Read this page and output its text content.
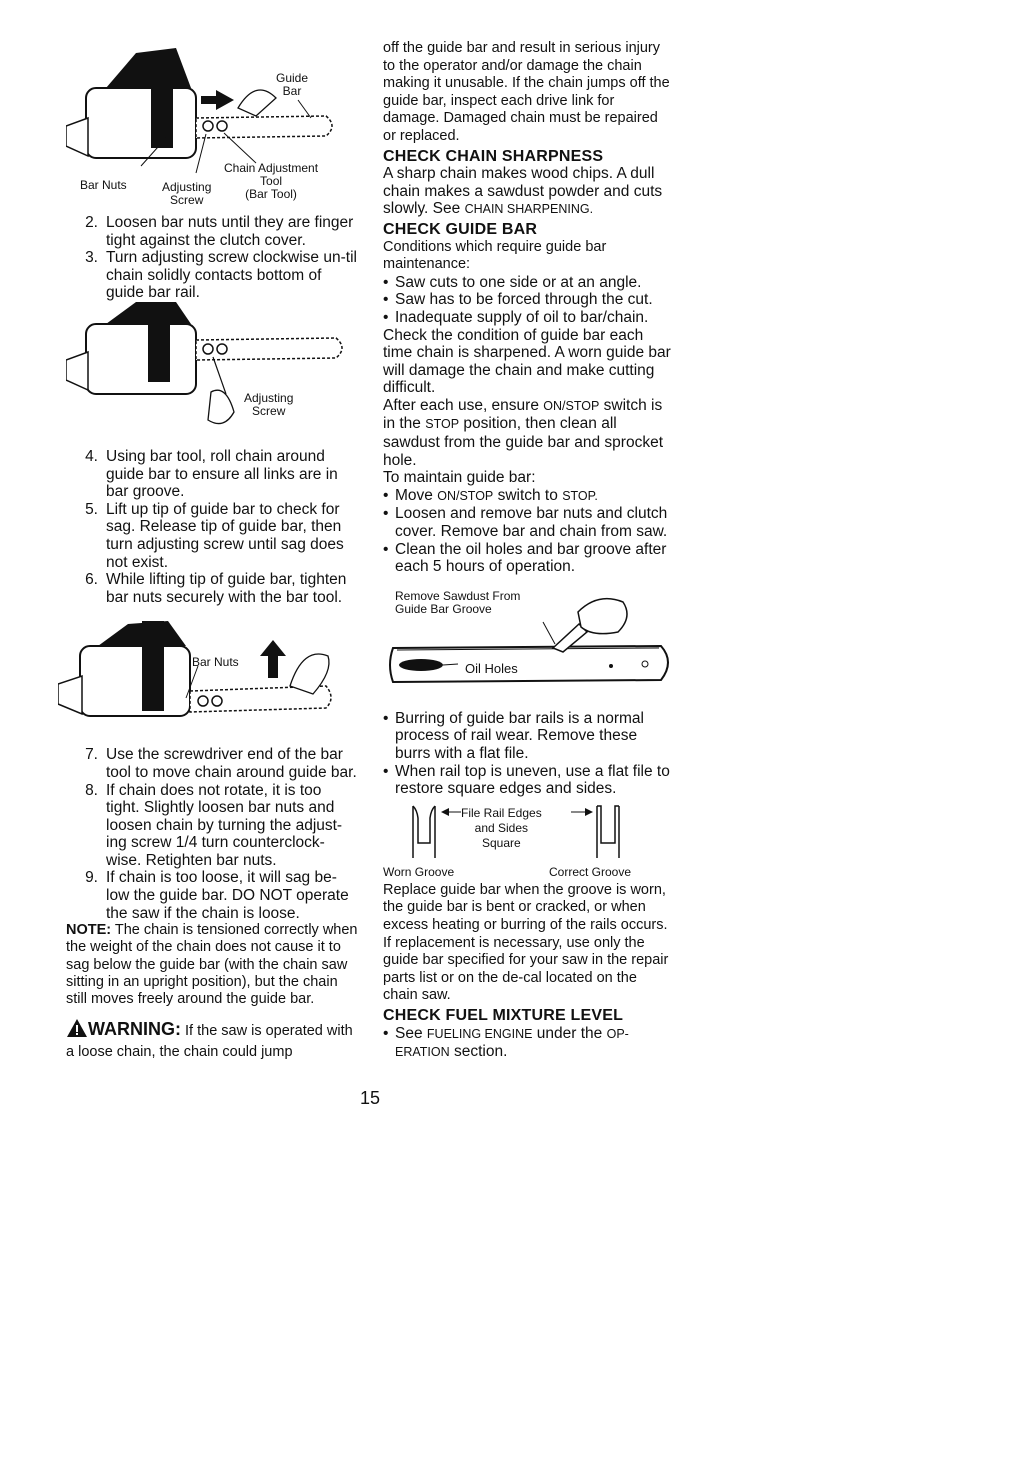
Guide
Bar
Bar Nuts	Adjusting
Screw
Chain Adjustment
Tool
(Bar Tool)
2. Loosen bar nuts until they are finger tight against the clutch cover.
3. Turn adjusting screw clockwise un-til chain solidly contacts bottom of guide bar rail.
Adjusting
Screw
4. Using bar tool, roll chain around guide bar to ensure all links are in bar groove.
5. Lift up tip of guide bar to check for sag. Release tip of guide bar, then turn adjusting screw until sag does not exist.
6. While lifting tip of guide bar, tighten bar nuts securely with the bar tool.
Bar Nuts
7. Use the screwdriver end of the bar tool to move chain around guide bar.
8. If chain does not rotate, it is too tight. Slightly loosen bar nuts and loosen chain by turning the adjust-ing screw 1/4 turn counterclock-wise. Retighten bar nuts.
9. If chain is too loose, it will sag be-low the guide bar. DO NOT operate the saw if the chain is loose.

NOTE: The chain is tensioned correctly when the weight of the chain does not cause it to sag below the guide bar (with the chain saw sitting in an upright position), but the chain still moves freely around the guide bar.

WARNING: If the saw is operated with a loose chain, the chain could jump

off the guide bar and result in serious injury to the operator and/or damage the chain making it unusable. If the chain jumps off the guide bar, inspect each drive link for damage. Damaged chain must be repaired or replaced.

CHECK CHAIN SHARPNESS

A sharp chain makes wood chips. A dull chain makes a sawdust powder and cuts slowly. See CHAIN SHARPENING.

CHECK GUIDE BAR

Conditions which require guide bar maintenance:

• Saw cuts to one side or at an angle.
• Saw has to be forced through the cut.
• Inadequate supply of oil to bar/chain.

Check the condition of guide bar each time chain is sharpened. A worn guide bar will damage the chain and make cutting difficult.

After each use, ensure ON/STOP switch is in the STOP position, then clean all sawdust from the guide bar and sprocket hole.

To maintain guide bar:

• Move ON/STOP switch to STOP.
• Loosen and remove bar nuts and clutch cover. Remove bar and chain from saw.
• Clean the oil holes and bar groove after each 5 hours of operation.
Remove Sawdust From
Guide Bar Groove
Oil Holes
• Burring of guide bar rails is a normal process of rail wear. Remove these burrs with a flat file.
• When rail top is uneven, use a flat file to restore square edges and sides.
File Rail Edges
and Sides
Square
Worn Groove	Correct Groove

Replace guide bar when the groove is worn, the guide bar is bent or cracked, or when excess heating or burring of the rails occurs. If replacement is necessary, use only the guide bar specified for your saw in the repair parts list or on the de-cal located on the chain saw.

CHECK FUEL MIXTURE LEVEL

• See FUELING ENGINE under the OP-ERATION section.
15
